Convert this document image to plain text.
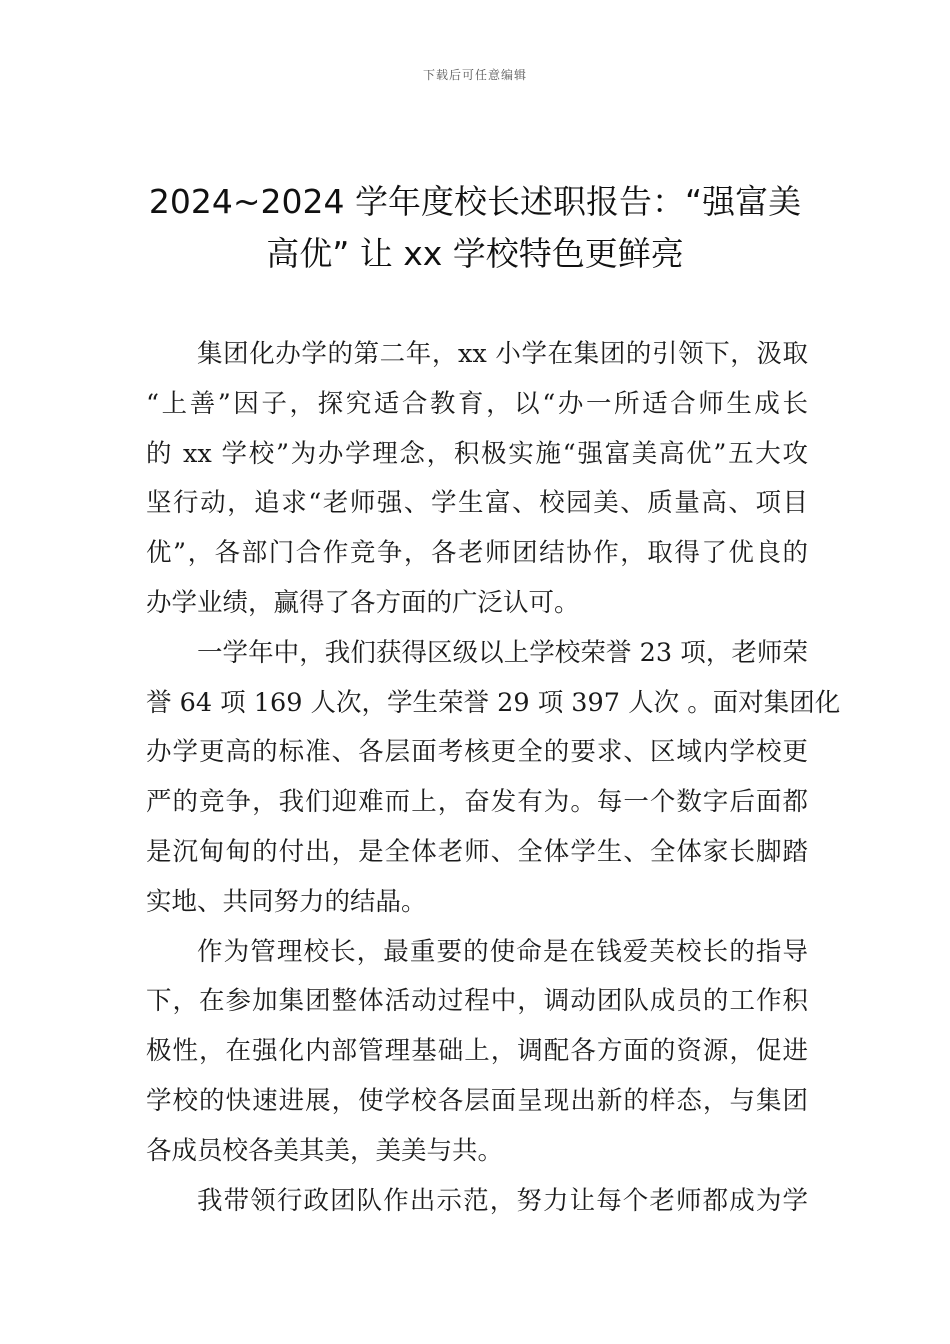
下载后可任意编辑
2024~2024 学年度校长述职报告：“强富美
高优” 让 xx 学校特色更鲜亮

集团化办学的第二年，xx 小学在集团的引领下，汲取
“上善”因子，探究适合教育，以“办一所适合师生成长
的 xx 学校”为办学理念，积极实施“强富美高优”五大攻
坚行动，追求“老师强、学生富、校园美、质量高、项目
优”，各部门合作竞争，各老师团结协作，取得了优良的
办学业绩，赢得了各方面的广泛认可。

一学年中，我们获得区级以上学校荣誉 23 项，老师荣
誉 64 项 169 人次，学生荣誉 29 项 397 人次 。面对集团化
办学更高的标准、各层面考核更全的要求、区域内学校更
严的竞争，我们迎难而上，奋发有为。每一个数字后面都
是沉甸甸的付出，是全体老师、全体学生、全体家长脚踏
实地、共同努力的结晶。

作为管理校长，最重要的使命是在钱爱芙校长的指导
下，在参加集团整体活动过程中，调动团队成员的工作积
极性，在强化内部管理基础上，调配各方面的资源，促进
学校的快速进展，使学校各层面呈现出新的样态，与集团
各成员校各美其美，美美与共。

我带领行政团队作出示范，努力让每个老师都成为学
